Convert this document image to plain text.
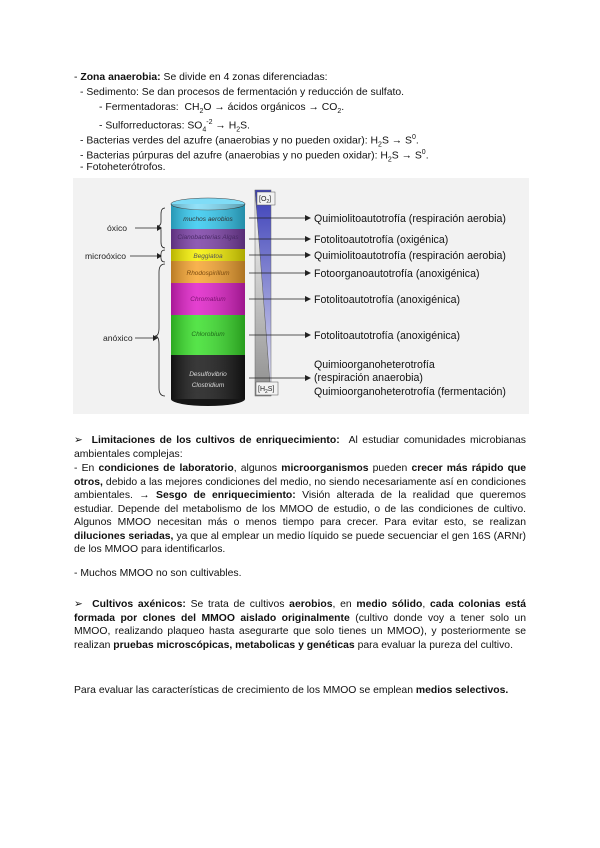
- Zona anaerobia: Se divide en 4 zonas diferenciadas:
- Sedimento: Se dan procesos de fermentación y reducción de sulfato.
- Fermentadoras: $CH_2O$ → ácidos orgánicos → $CO_2$.
- Sulforreductoras: $SO_4^{-2} \to H_2S$.
- Bacterias verdes del azufre (anaerobias y no pueden oxidar): $H_2S \to S^0$.
- Bacterias púrpuras del azufre (anaerobias y no pueden oxidar): $H_2S \to S^0$.
- Fotoheterótrofos.
muchos aerobios
Cianobacterias Algas
Beggiatoa
Rhodospirillum
Chromatium
Chlorobium
Desulfovibrio
Clostridium
óxico
microóxico
anóxico
$[O_2]$
$[H_2S]$
Quimiolitoautotrofía (respiración aerobia)
Fotolitoautotrofía (oxigénica)
Quimiolitoautotrofía (respiración aerobia)
Fotoorganoautotrofía (anoxigénica)
Fotolitoautotrofía (anoxigénica)
Fotolitoautotrofía (anoxigénica)
Quimioorganoheterotrofía
(respiración anaerobia)
Quimioorganoheterotrofía (fermentación)
➢ Limitaciones de los cultivos de enriquecimiento: Al estudiar comunidades microbianas ambientales complejas:
- En condiciones de laboratorio, algunos microorganismos pueden crecer más rápido que otros, debido a las mejores condiciones del medio, no siendo necesariamente así en condiciones ambientales. → Sesgo de enriquecimiento: Visión alterada de la realidad que queremos estudiar. Depende del metabolismo de los MMOO de estudio, o de las condiciones de cultivo. Algunos MMOO necesitan más o menos tiempo para crecer. Para evitar esto, se realizan diluciones seriadas, ya que al emplear un medio líquido se puede secuenciar el gen 16S (ARNr) de los MMOO para identificarlos.
- Muchos MMOO no son cultivables.
➢ Cultivos axénicos: Se trata de cultivos aerobios, en medio sólido, cada colonias está formada por clones del MMOO aislado originalmente (cultivo donde voy a tener solo un MMOO, realizando plaqueo hasta asegurarte que solo tienes un MMOO), y posteriormente se realizan pruebas microscópicas, metabolicas y genéticas para evaluar la pureza del cultivo.
Para evaluar las características de crecimiento de los MMOO se emplean medios selectivos.
